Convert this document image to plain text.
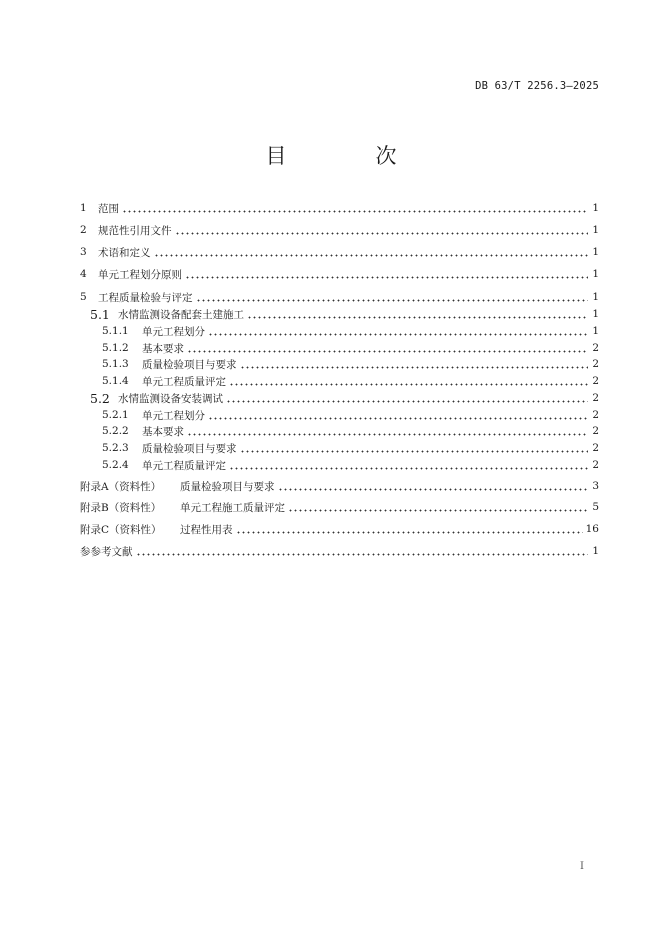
DB 63/T 2256.3—2025
目　次
1	范围	1
2	规范性引用文件	1
3	术语和定义	1
4	单元工程划分原则	1
5	工程质量检验与评定	1
5.1 水情监测设备配套土建施工	1
5.1.1	单元工程划分	1
5.1.2	基本要求	2
5.1.3	质量检验项目与要求	2
5.1.4	单元工程质量评定	2
5.2 水情监测设备安装调试	2
5.2.1	单元工程划分	2
5.2.2	基本要求	2
5.2.3	质量检验项目与要求	2
5.2.4	单元工程质量评定	2
附录A（资料性）	质量检验项目与要求	3
附录B（资料性）	单元工程施工质量评定	5
附录C（资料性）	过程性用表	16
参参考文献	1
I
